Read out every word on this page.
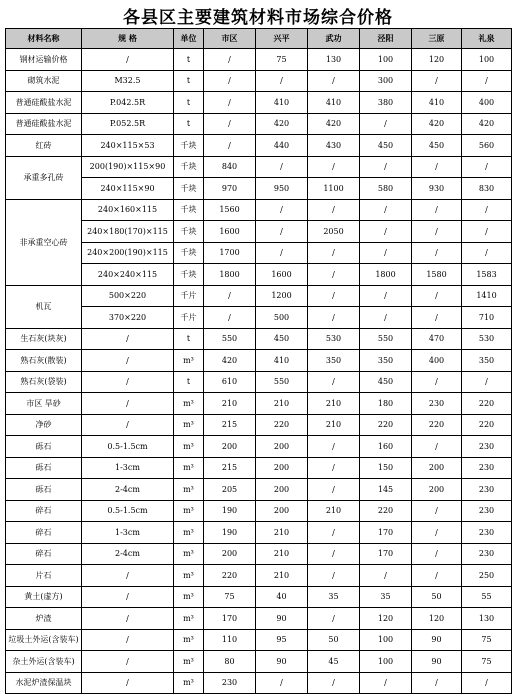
各县区主要建筑材料市场综合价格
材料名称	规 格	单位	市区	兴平	武功	泾阳	三原	礼泉
钢材运输价格	/	t	/	75	130	100	120	100
砌筑水泥	M32.5	t	/	/	/	300	/	/
普通硅酸盐水泥	P.042.5R	t	/	410	410	380	410	400
普通硅酸盐水泥	P.052.5R	t	/	420	420	/	420	420
红砖	240×115×53	千块	/	440	430	450	450	560
承重多孔砖	200(190)×115×90	千块	840	/	/	/	/	/
	240×115×90	千块	970	950	1100	580	930	830
非承重空心砖	240×160×115	千块	1560	/	/	/	/	/
	240×180(170)×115	千块	1600	/	2050	/	/	/
	240×200(190)×115	千块	1700	/	/	/	/	/
	240×240×115	千块	1800	1600	/	1800	1580	1583
机瓦	500×220	千片	/	1200	/	/	/	1410
	370×220	千片	/	500	/	/	/	710
生石灰(块灰)	/	t	550	450	530	550	470	530
熟石灰(散装)	/	m³	420	410	350	350	400	350
熟石灰(袋装)	/	t	610	550	/	450	/	/
市区 旱砂	/	m³	210	210	210	180	230	220
净砂	/	m³	215	220	210	220	220	220
砾石	0.5-1.5cm	m³	200	200	/	160	/	230
砾石	1-3cm	m³	215	200	/	150	200	230
砾石	2-4cm	m³	205	200	/	145	200	230
碎石	0.5-1.5cm	m³	190	200	210	220	/	230
碎石	1-3cm	m³	190	210	/	170	/	230
碎石	2-4cm	m³	200	210	/	170	/	230
片石	/	m³	220	210	/	/	/	250
黄土(虚方)	/	m³	75	40	35	35	50	55
炉渣	/	m³	170	90	/	120	120	130
垃圾土外运(含装车)	/	m³	110	95	50	100	90	75
杂土外运(含装车)	/	m³	80	90	45	100	90	75
水泥炉渣保温块	/	m³	230	/	/	/	/	/
